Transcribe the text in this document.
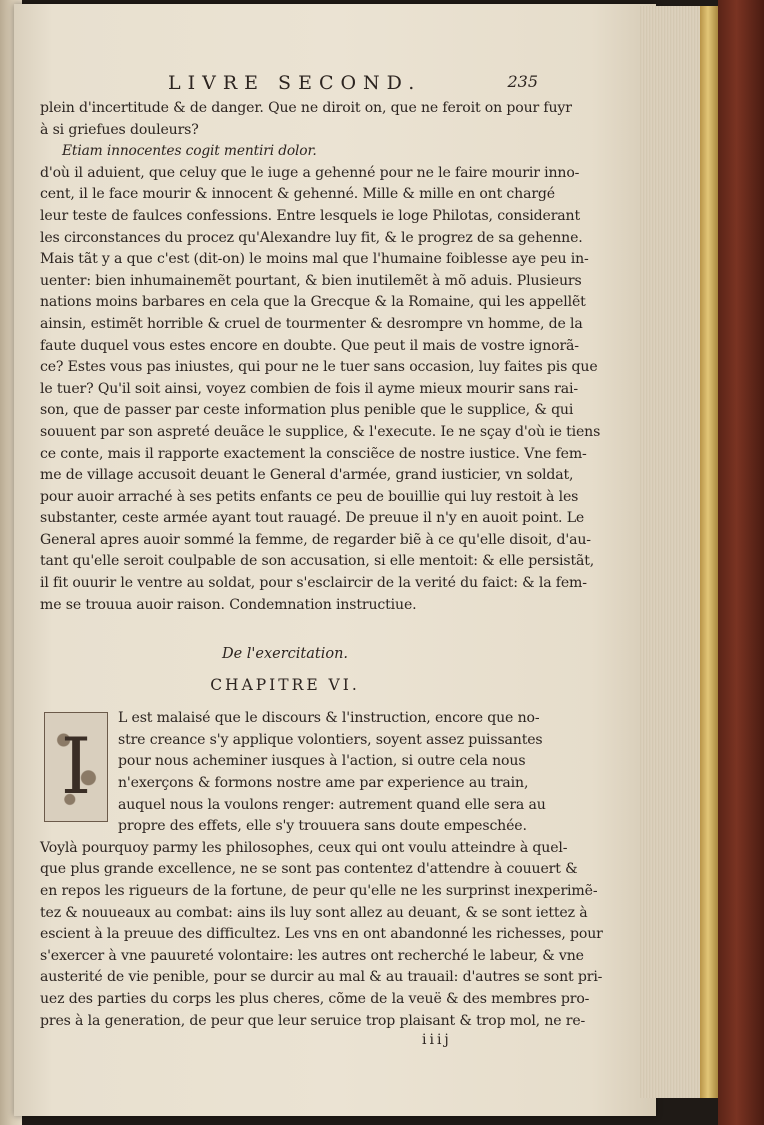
LIVRE SECOND.	235
plein d'incertitude & de danger. Que ne diroit on, que ne feroit on pour fuyr
à si griefues douleurs?
Etiam innocentes cogit mentiri dolor.
d'où il aduient, que celuy que le iuge a gehenné pour ne le faire mourir inno-
cent, il le face mourir & innocent & gehenné. Mille & mille en ont chargé
leur teste de faulces confessions. Entre lesquels ie loge Philotas, considerant
les circonstances du procez qu'Alexandre luy fit, & le progrez de sa gehenne.
Mais tãt y a que c'est (dit-on) le moins mal que l'humaine foiblesse aye peu in-
uenter: bien inhumainemẽt pourtant, & bien inutilemẽt à mõ aduis. Plusieurs
nations moins barbares en cela que la Grecque & la Romaine, qui les appellẽt
ainsin, estimẽt horrible & cruel de tourmenter & desrompre vn homme, de la
faute duquel vous estes encore en doubte. Que peut il mais de vostre ignorã-
ce? Estes vous pas iniustes, qui pour ne le tuer sans occasion, luy faites pis que
le tuer? Qu'il soit ainsi, voyez combien de fois il ayme mieux mourir sans rai-
son, que de passer par ceste information plus penible que le supplice, & qui
souuent par son aspreté deuãce le supplice, & l'execute. Ie ne sçay d'où ie tiens
ce conte, mais il rapporte exactement la consciẽce de nostre iustice. Vne fem-
me de village accusoit deuant le General d'armée, grand iusticier, vn soldat,
pour auoir arraché à ses petits enfants ce peu de bouillie qui luy restoit à les
substanter, ceste armée ayant tout rauagé. De preuue il n'y en auoit point. Le
General apres auoir sommé la femme, de regarder biẽ à ce qu'elle disoit, d'au-
tant qu'elle seroit coulpable de son accusation, si elle mentoit: & elle persistãt,
il fit ouurir le ventre au soldat, pour s'esclaircir de la verité du faict: & la fem-
me se trouua auoir raison. Condemnation instructiue.
De l'exercitation.
CHAPITRE VI.
I
L est malaisé que le discours & l'instruction, encore que no-
stre creance s'y applique volontiers, soyent assez puissantes
pour nous acheminer iusques à l'action, si outre cela nous
n'exerçons & formons nostre ame par experience au train,
auquel nous la voulons renger: autrement quand elle sera au
propre des effets, elle s'y trouuera sans doute empeschée.
Voylà pourquoy parmy les philosophes, ceux qui ont voulu atteindre à quel-
que plus grande excellence, ne se sont pas contentez d'attendre à couuert &
en repos les rigueurs de la fortune, de peur qu'elle ne les surprinst inexperimẽ-
tez & nouueaux au combat: ains ils luy sont allez au deuant, & se sont iettez à
escient à la preuue des difficultez. Les vns en ont abandonné les richesses, pour
s'exercer à vne pauureté volontaire: les autres ont recherché le labeur, & vne
austerité de vie penible, pour se durcir au mal & au trauail: d'autres se sont pri-
uez des parties du corps les plus cheres, cõme de la veuë & des membres pro-
pres à la generation, de peur que leur seruice trop plaisant & trop mol, ne re-
iiij
